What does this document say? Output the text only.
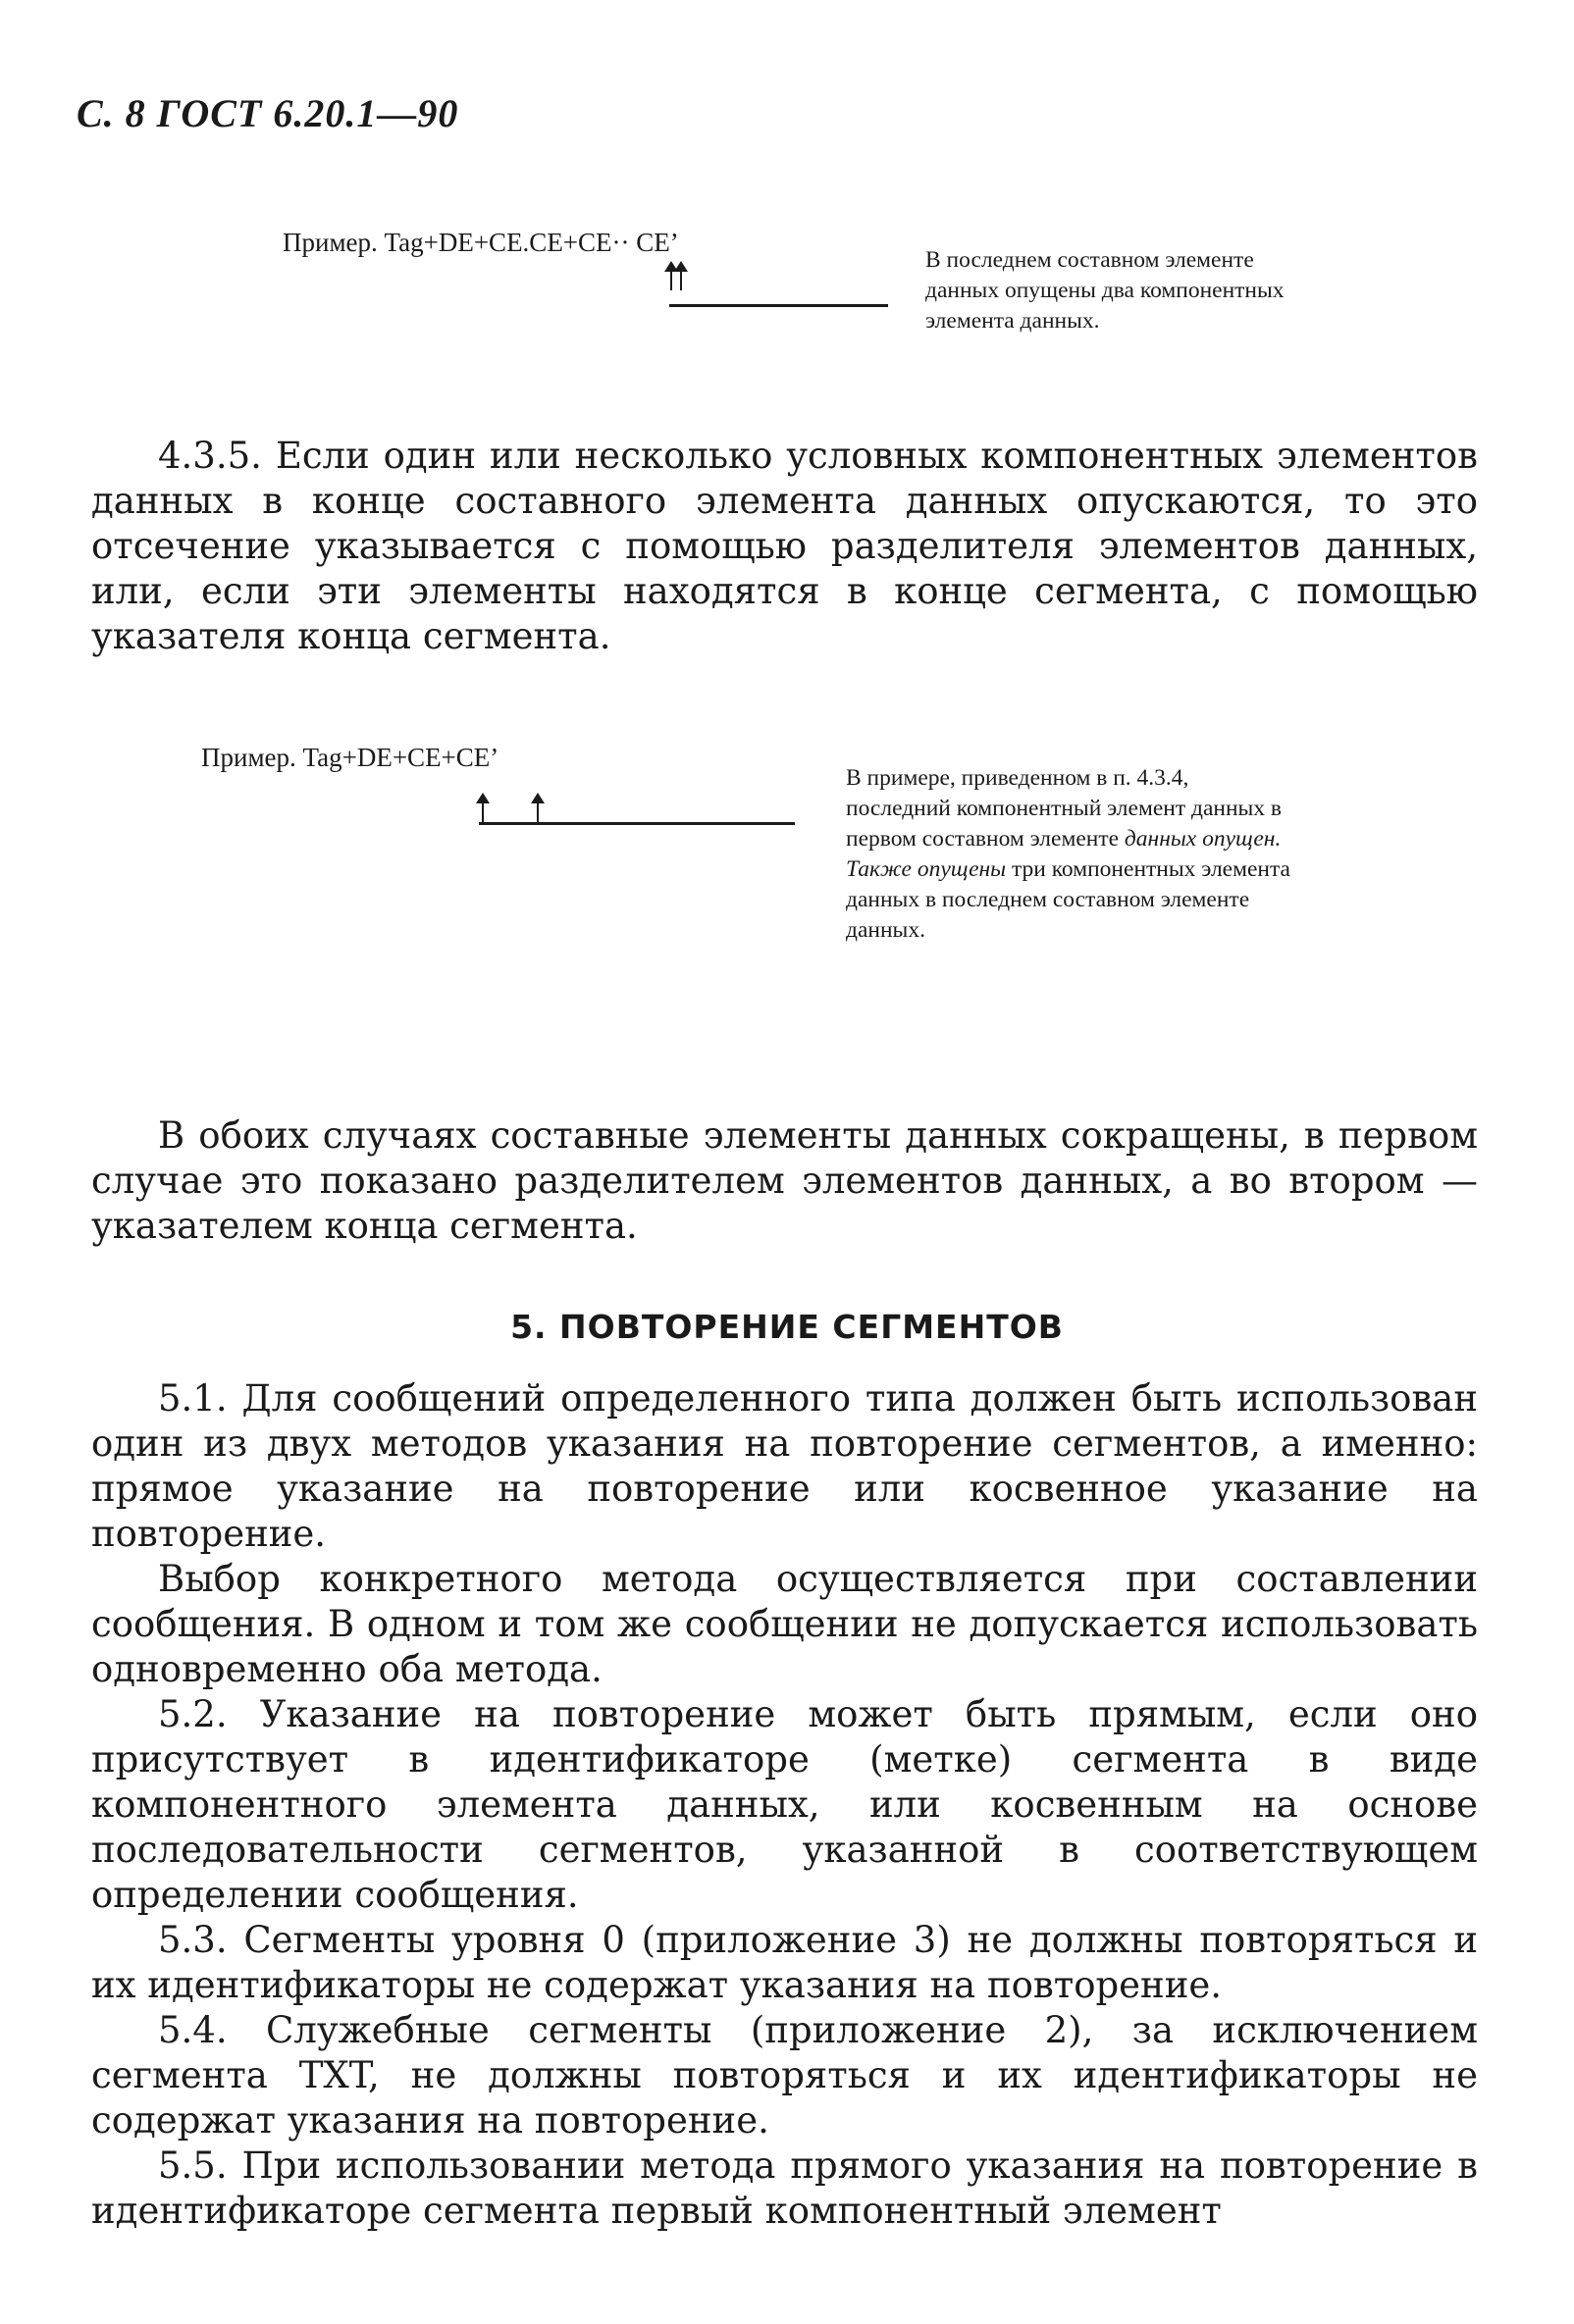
С. 8 ГОСТ 6.20.1—90
Пример. Tag+DE+CE.CE+CE·· CE’
В последнем составном элементе данных опущены два компонентных элемента данных.

4.3.5. Если один или несколько условных компонентных элементов данных в конце составного элемента данных опускаются, то это отсечение указывается с помощью разделителя элементов данных, или, если эти элементы находятся в конце сегмента, с помощью указателя конца сегмента.

Пример. Tag+DE+CE+CE’
В примере, приведенном в п. 4.3.4, последний компонентный элемент данных в первом составном элементе данных опущен. Также опущены три компонентных элемента данных в последнем составном элементе данных.

В обоих случаях составные элементы данных сокращены, в первом случае это показано разделителем элементов данных, а во втором — указателем конца сегмента.

5. ПОВТОРЕНИЕ СЕГМЕНТОВ

5.1. Для сообщений определенного типа должен быть использован один из двух методов указания на повторение сегментов, а именно: прямое указание на повторение или косвенное указание на повторение.

Выбор конкретного метода осуществляется при составлении сообщения. В одном и том же сообщении не допускается использовать одновременно оба метода.

5.2. Указание на повторение может быть прямым, если оно присутствует в идентификаторе (метке) сегмента в виде компонентного элемента данных, или косвенным на основе последовательности сегментов, указанной в соответствующем определении сообщения.

5.3. Сегменты уровня 0 (приложение 3) не должны повторяться и их идентификаторы не содержат указания на повторение.

5.4. Служебные сегменты (приложение 2), за исключением сегмента TXT, не должны повторяться и их идентификаторы не содержат указания на повторение.

5.5. При использовании метода прямого указания на повторение в идентификаторе сегмента первый компонентный элемент
